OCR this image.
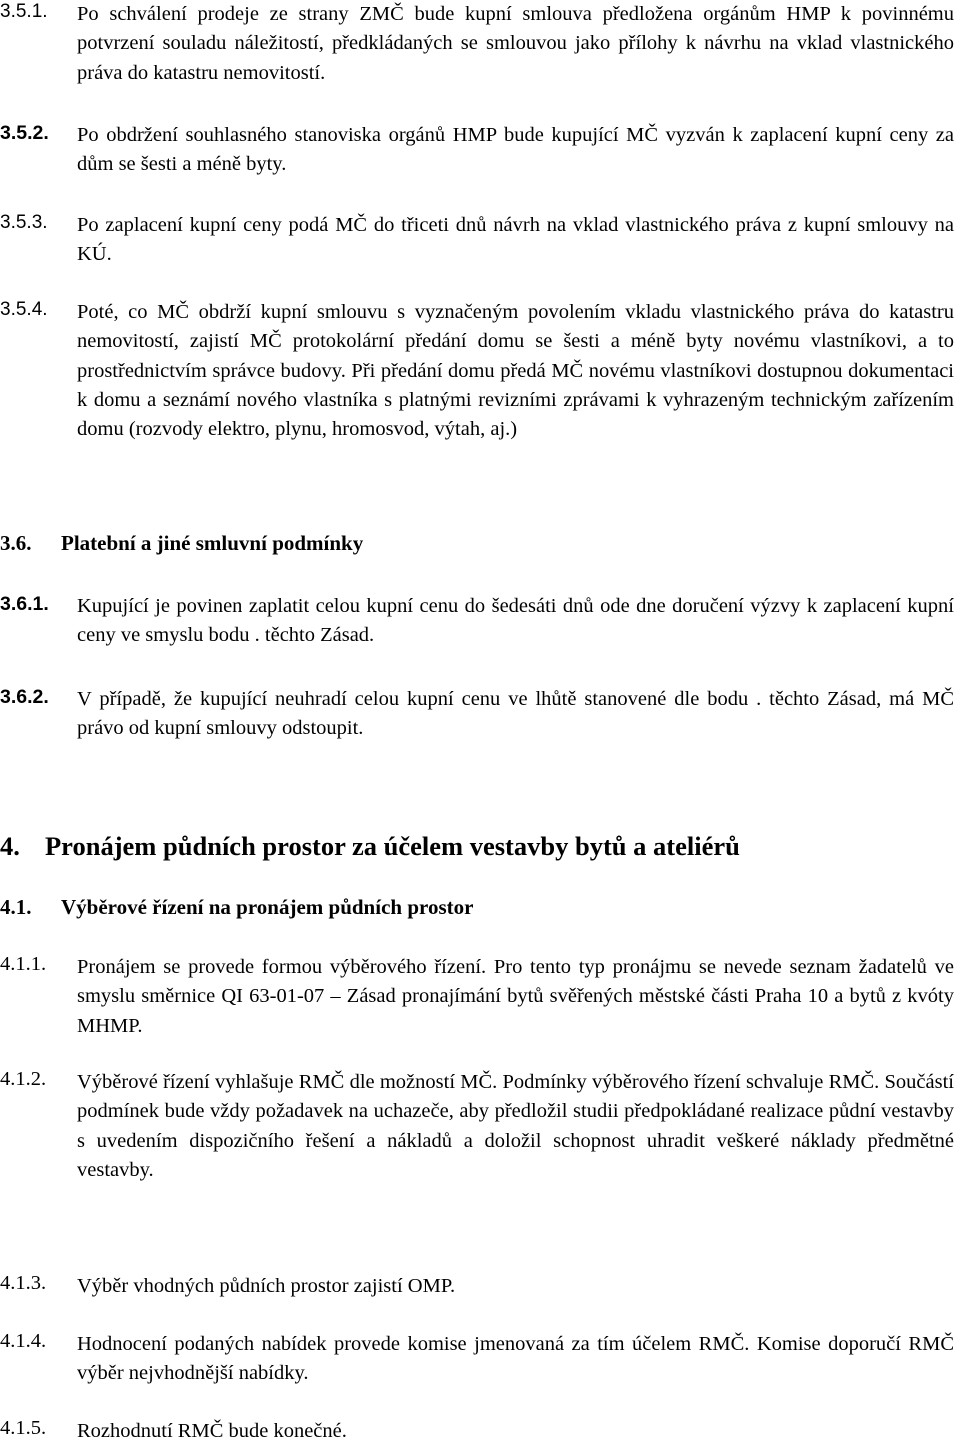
3.5.1. Po schválení prodeje ze strany ZMČ bude kupní smlouva předložena orgánům HMP k povinnému potvrzení souladu náležitostí, předkládaných se smlouvou jako přílohy k návrhu na vklad vlastnického práva do katastru nemovitostí.
3.5.2. Po obdržení souhlasného stanoviska orgánů HMP bude kupující MČ vyzván k zaplacení kupní ceny za dům se šesti a méně byty.
3.5.3. Po zaplacení kupní ceny podá MČ do třiceti dnů návrh na vklad vlastnického práva z kupní smlouvy na KÚ.
3.5.4. Poté, co MČ obdrží kupní smlouvu s vyznačeným povolením vkladu vlastnického práva do katastru nemovitostí, zajistí MČ protokolární předání domu se šesti a méně byty novému vlastníkovi, a to prostřednictvím správce budovy. Při předání domu předá MČ novému vlastníkovi dostupnou dokumentaci k domu a seznámí nového vlastníka s platnými revizními zprávami k vyhrazeným technickým zařízením domu (rozvody elektro, plynu, hromosvod, výtah, aj.)
3.6. Platební a jiné smluvní podmínky
3.6.1. Kupující je povinen zaplatit celou kupní cenu do šedesáti dnů ode dne doručení výzvy k zaplacení kupní ceny ve smyslu bodu . těchto Zásad.
3.6.2. V případě, že kupující neuhradí celou kupní cenu ve lhůtě stanovené dle bodu . těchto Zásad, má MČ právo od kupní smlouvy odstoupit.
4. Pronájem půdních prostor za účelem vestavby bytů a ateliérů
4.1. Výběrové řízení na pronájem půdních prostor
4.1.1. Pronájem se provede formou výběrového řízení. Pro tento typ pronájmu se nevede seznam žadatelů ve smyslu směrnice QI 63-01-07 – Zásad pronajímání bytů svěřených městské části Praha 10 a bytů z kvóty MHMP.
4.1.2. Výběrové řízení vyhlašuje RMČ dle možností MČ. Podmínky výběrového řízení schvaluje RMČ. Součástí podmínek bude vždy požadavek na uchazeče, aby předložil studii předpokládané realizace půdní vestavby s uvedením dispozičního řešení a nákladů a doložil schopnost uhradit veškeré náklady předmětné vestavby.
4.1.3. Výběr vhodných půdních prostor zajistí OMP.
4.1.4. Hodnocení podaných nabídek provede komise jmenovaná za tím účelem RMČ. Komise doporučí RMČ výběr nejvhodnější nabídky.
4.1.5. Rozhodnutí RMČ bude konečné.
